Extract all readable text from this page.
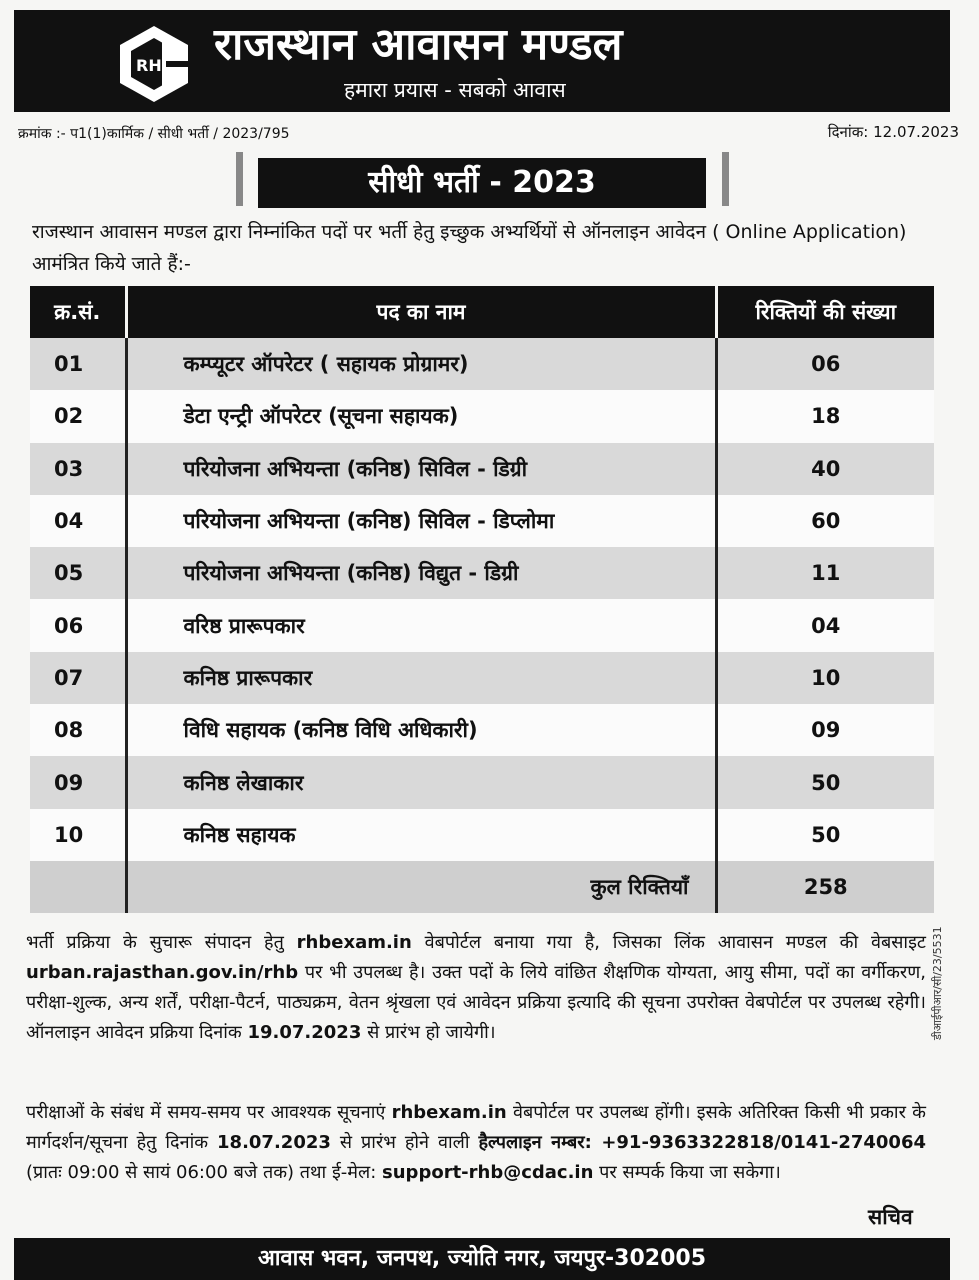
RH राजस्थान आवासन मण्डल
हमारा प्रयास - सबको आवास
क्रमांक :- प1(1)कार्मिक / सीधी भर्ती / 2023/795	दिनांक: 12.07.2023
सीधी भर्ती - 2023
राजस्थान आवासन मण्डल द्वारा निम्नांकित पदों पर भर्ती हेतु इच्छुक अभ्यर्थियों से ऑनलाइन आवेदन ( Online Application) आमंत्रित किये जाते हैं:-
क्र.सं.	पद का नाम	रिक्तियों की संख्या
01	कम्प्यूटर ऑपरेटर ( सहायक प्रोग्रामर)	06
02	डेटा एन्ट्री ऑपरेटर (सूचना सहायक)	18
03	परियोजना अभियन्ता (कनिष्ठ) सिविल - डिग्री	40
04	परियोजना अभियन्ता (कनिष्ठ) सिविल - डिप्लोमा	60
05	परियोजना अभियन्ता (कनिष्ठ) विद्युत - डिग्री	11
06	वरिष्ठ प्रारूपकार	04
07	कनिष्ठ प्रारूपकार	10
08	विधि सहायक (कनिष्ठ विधि अधिकारी)	09
09	कनिष्ठ लेखाकार	50
10	कनिष्ठ सहायक	50
	कुल रिक्तियाँ	258
भर्ती प्रक्रिया के सुचारू संपादन हेतु rhbexam.in वेबपोर्टल बनाया गया है, जिसका लिंक आवासन मण्डल की वेबसाइट urban.rajasthan.gov.in/rhb पर भी उपलब्ध है। उक्त पदों के लिये वांछित शैक्षणिक योग्यता, आयु सीमा, पदों का वर्गीकरण, परीक्षा-शुल्क, अन्य शर्तें, परीक्षा-पैटर्न, पाठ्यक्रम, वेतन श्रृंखला एवं आवेदन प्रक्रिया इत्यादि की सूचना उपरोक्त वेबपोर्टल पर उपलब्ध रहेगी। ऑनलाइन आवेदन प्रक्रिया दिनांक 19.07.2023 से प्रारंभ हो जायेगी।
परीक्षाओं के संबंध में समय-समय पर आवश्यक सूचनाएं rhbexam.in वेबपोर्टल पर उपलब्ध होंगी। इसके अतिरिक्त किसी भी प्रकार के मार्गदर्शन/सूचना हेतु दिनांक 18.07.2023 से प्रारंभ होने वाली हैल्पलाइन नम्बर: +91-9363322818/0141-2740064 (प्रातः 09:00 से सायं 06:00 बजे तक) तथा ई-मेल: support-rhb@cdac.in पर सम्पर्क किया जा सकेगा।
सचिव
डीआईपीआर/सी/23/5531
आवास भवन, जनपथ, ज्योति नगर, जयपुर-302005
